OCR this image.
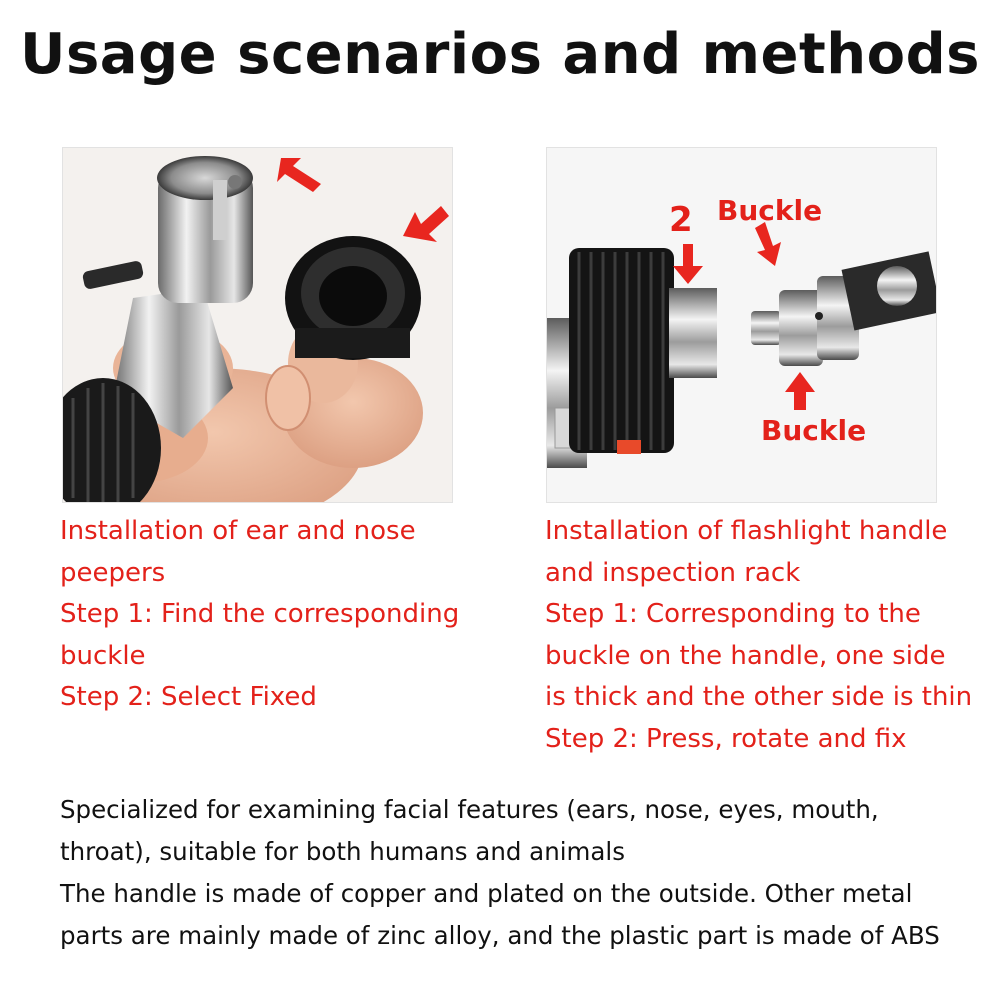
Usage scenarios and methods
2 Buckle
Buckle
Installation of ear and nose
peepers
Step 1: Find the corresponding
buckle
Step 2: Select Fixed
Installation of flashlight handle
and inspection rack
Step 1: Corresponding to the
buckle on the handle, one side
is thick and the other side is thin
Step 2: Press, rotate and fix
Specialized for examining facial features (ears, nose, eyes, mouth,
throat), suitable for both humans and animals
The handle is made of copper and plated on the outside. Other metal
parts are mainly made of zinc alloy, and the plastic part is made of ABS
